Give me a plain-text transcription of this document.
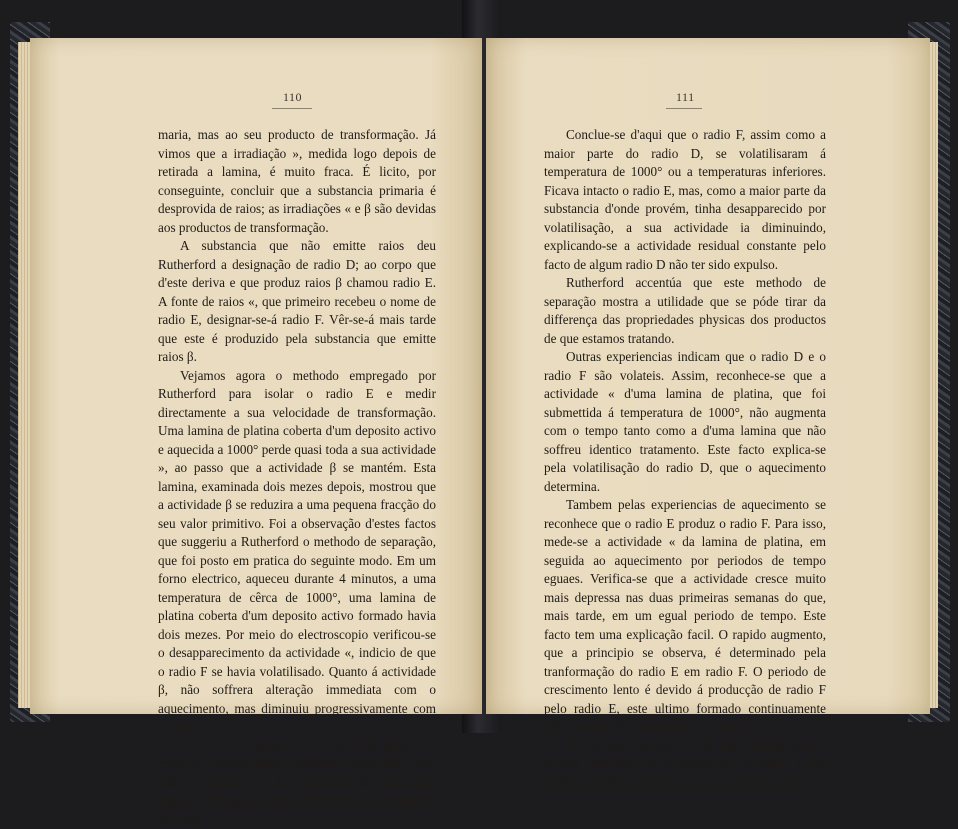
110

maria, mas ao seu producto de transformação. Já vimos que a irradiação », medida logo depois de retirada a lamina, é muito fraca. É licito, por conseguinte, concluir que a substancia primaria é desprovida de raios; as irradiações « e β são devidas aos productos de transformação.

A substancia que não emitte raios deu Rutherford a designação de radio D; ao corpo que d'este deriva e que produz raios β chamou radio E. A fonte de raios «, que primeiro recebeu o nome de radio E, designar-se-á radio F. Vêr-se-á mais tarde que este é produzido pela substancia que emitte raios β.

Vejamos agora o methodo empregado por Rutherford para isolar o radio E e medir directamente a sua velocidade de transformação. Uma lamina de platina coberta d'um deposito activo e aquecida a 1000° perde quasi toda a sua actividade », ao passo que a actividade β se mantém. Esta lamina, examinada dois mezes depois, mostrou que a actividade β se reduzira a uma pequena fracção do seu valor primitivo. Foi a observação d'estes factos que suggeriu a Rutherford o methodo de separação, que foi posto em pratica do seguinte modo. Em um forno electrico, aqueceu durante 4 minutos, a uma temperatura de cêrca de 1000°, uma lamina de platina coberta d'um deposito activo formado havia dois mezes. Por meio do electroscopio verificou-se o desapparecimento da actividade «, indicio de que o radio F se havia volatilisado. Quanto á actividade β, não soffrera alteração immediata com o aquecimento, mas diminuiu progressivamente com o tempo.

A actividade baixou até cêrca d'um quarto do maximo, ficando depois constante. Abstraindo d'este valor constante, o decrescimento da actividade seguiu a lei exponencial, reduzindo-se a metade em 4,5 dias,

111

Conclue-se d'aqui que o radio F, assim como a maior parte do radio D, se volatilisaram á temperatura de 1000° ou a temperaturas inferiores. Ficava intacto o radio E, mas, como a maior parte da substancia d'onde provém, tinha desapparecido por volatilisação, a sua actividade ia diminuindo, explicando-se a actividade residual constante pelo facto de algum radio D não ter sido expulso.

Rutherford accentúa que este methodo de separação mostra a utilidade que se póde tirar da differença das propriedades physicas dos productos de que estamos tratando.

Outras experiencias indicam que o radio D e o radio F são volateis. Assim, reconhece-se que a actividade « d'uma lamina de platina, que foi submettida á temperatura de 1000°, não augmenta com o tempo tanto como a d'uma lamina que não soffreu identico tratamento. Este facto explica-se pela volatilisação do radio D, que o aquecimento determina.

Tambem pelas experiencias de aquecimento se reconhece que o radio E produz o radio F. Para isso, mede-se a actividade « da lamina de platina, em seguida ao aquecimento por periodos de tempo eguaes. Verifica-se que a actividade cresce muito mais depressa nas duas primeiras semanas do que, mais tarde, em um egual periodo de tempo. Este facto tem uma explicação facil. O rapido augmento, que a principio se observa, é determinado pela tranformação do radio E em radio F. O periodo de crescimento lento é devido á producção de radio F pelo radio E, este ultimo formado continuamente pelo residuo não volatisado do radio D.

Por conseguinte, parece não restar duvida de que os tres productos de desintegração do radio, a que Rutherford deu as designações de radio D, radio E e
